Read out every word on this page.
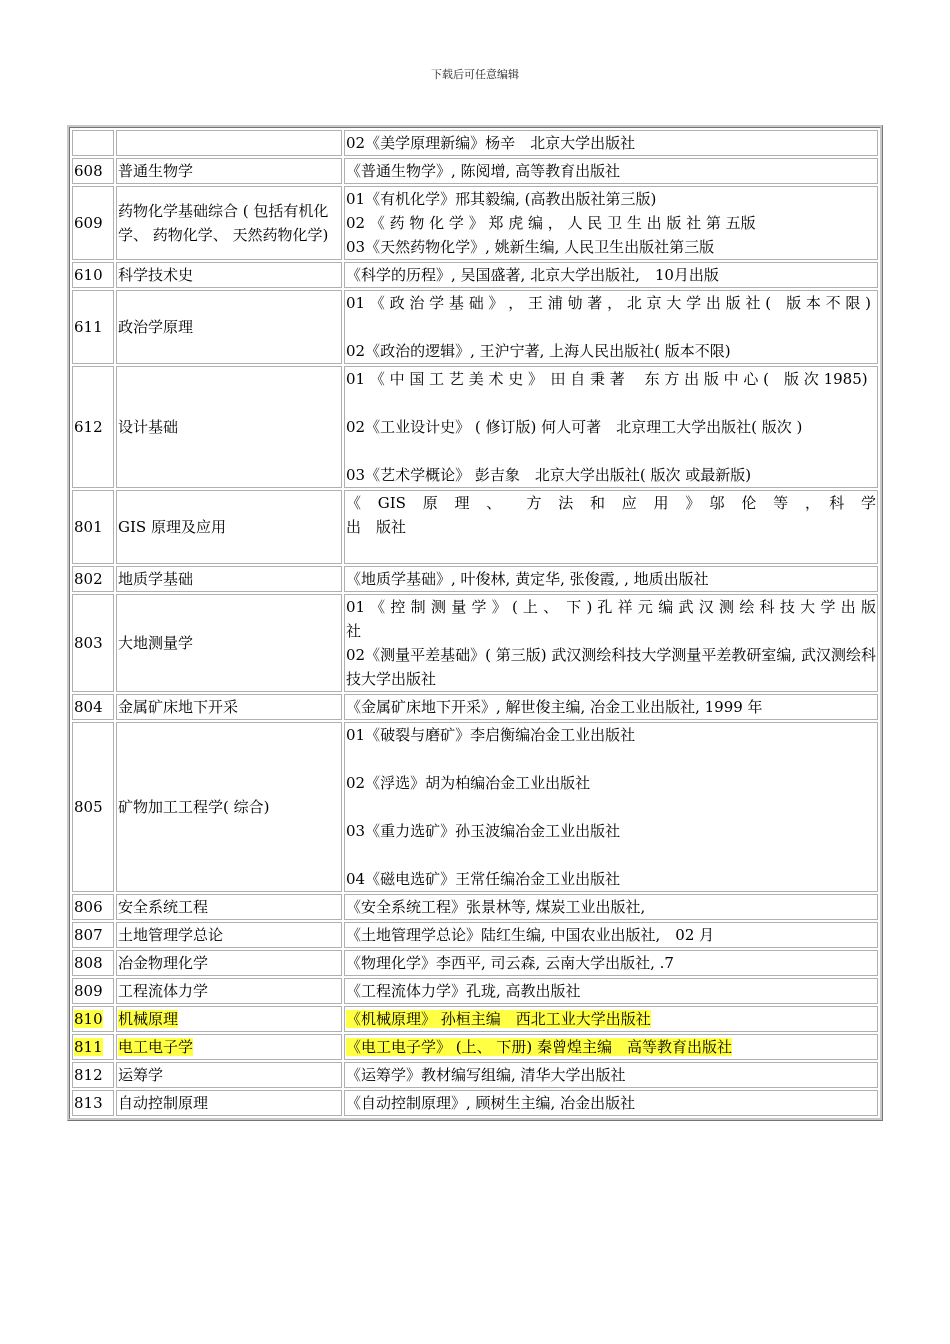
下载后可任意编辑

		02《美学原理新编》杨辛　北京大学出版社

608	普通生物学	《普通生物学》, 陈阅增, 高等教育出版社

609	药物化学基础综合 ( 包括有机化学、 药物化学、 天然药物化学)	01《有机化学》邢其毅编, (高教出版社第三版)
02 《 药 物 化 学 》 郑 虎 编 ， 人 民 卫 生 出 版 社 第 五版
03《天然药物化学》, 姚新生编, 人民卫生出版社第三版

610	科学技术史	《科学的历程》, 吴国盛著, 北京大学出版社,　10月出版

611	政治学原理	01 《 政 治 学 基 础 》 ， 王 浦 劬 著 ， 北 京 大 学 出 版 社 (　版 本 不 限 )
02《政治的逻辑》, 王沪宁著, 上海人民出版社( 版本不限)

612	设计基础	01 《 中 国 工 艺 美 术 史 》　田 自 秉 著　 东 方 出 版 中 心 (　版 次 1985)
02《工业设计史》 ( 修订版) 何人可著　北京理工大学出版社( 版次 )
03《艺术学概论》 彭吉象　北京大学出版社( 版次 或最新版)

801	GIS 原理及应用	《　GIS　原　理　、　　方　法　和　应　用　》　邬　伦　等　，　科　学　出　版社

802	地质学基础	《地质学基础》, 叶俊林, 黄定华, 张俊霞, , 地质出版社

803	大地测量学	01 《 控 制 测 量 学 》 ( 上 、　下 ) 孔 祥 元 编 武 汉 测 绘 科 技 大 学 出 版社
02《测量平差基础》( 第三版) 武汉测绘科技大学测量平差教研室编, 武汉测绘科技大学出版社

804	金属矿床地下开采	《金属矿床地下开采》, 解世俊主编, 冶金工业出版社, 1999 年

805	矿物加工工程学( 综合)	01《破裂与磨矿》李启衡编冶金工业出版社
02《浮选》胡为柏编冶金工业出版社
03《重力选矿》孙玉波编冶金工业出版社
04《磁电选矿》王常任编冶金工业出版社

806	安全系统工程	《安全系统工程》张景林等, 煤炭工业出版社,

807	土地管理学总论	《土地管理学总论》陆红生编, 中国农业出版社,　02 月

808	冶金物理化学	《物理化学》李西平, 司云森, 云南大学出版社, .7

809	工程流体力学	《工程流体力学》孔珑, 高教出版社

810	机械原理	《机械原理》 孙桓主编　西北工业大学出版社

811	电工电子学	《电工电子学》 (上、 下册) 秦曾煌主编　高等教育出版社

812	运筹学	《运筹学》教材编写组编, 清华大学出版社

813	自动控制原理	《自动控制原理》, 顾树生主编, 冶金出版社
